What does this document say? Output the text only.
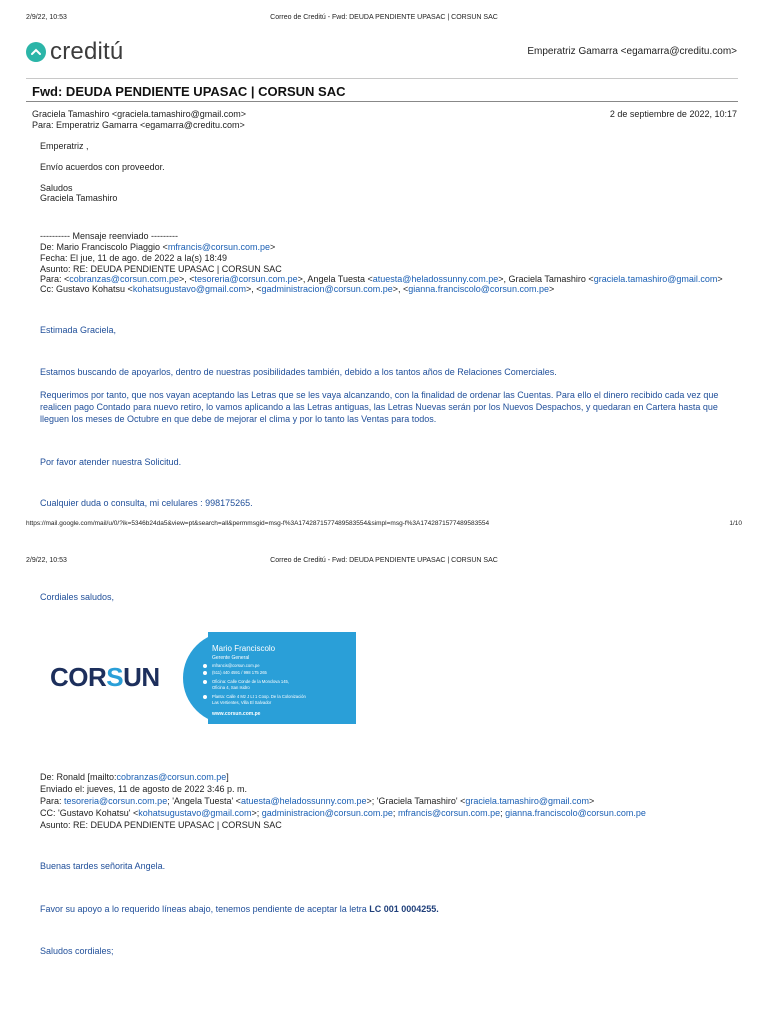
2/9/22, 10:53	Correo de Creditú - Fwd: DEUDA PENDIENTE UPASAC | CORSUN SAC
creditú	Emperatriz Gamarra <egamarra@creditu.com>
Fwd: DEUDA PENDIENTE UPASAC | CORSUN SAC
Graciela Tamashiro <graciela.tamashiro@gmail.com>
Para: Emperatriz Gamarra <egamarra@creditu.com>
2 de septiembre de 2022, 10:17
Emperatriz ,
Envío acuerdos con proveedor.
Saludos
Graciela Tamashiro
---------- Mensaje reenviado ---------
De: Mario Franciscolo Piaggio <mfrancis@corsun.com.pe>
Fecha: El jue, 11 de ago. de 2022 a la(s) 18:49
Asunto: RE: DEUDA PENDIENTE UPASAC | CORSUN SAC
Para: <cobranzas@corsun.com.pe>, <tesoreria@corsun.com.pe>, Angela Tuesta <atuesta@heladossunny.com.pe>, Graciela Tamashiro <graciela.tamashiro@gmail.com>
Cc: Gustavo Kohatsu <kohatsugustavo@gmail.com>, <gadministracion@corsun.com.pe>, <gianna.franciscolo@corsun.com.pe>
Estimada Graciela,
Estamos buscando de apoyarlos, dentro de nuestras posibilidades también, debido a los tantos años de Relaciones Comerciales.
Requerimos por tanto, que nos vayan aceptando las Letras que se les vaya alcanzando, con la finalidad de ordenar las Cuentas. Para ello el dinero recibido cada vez que realicen pago Contado para nuevo retiro, lo vamos aplicando a las Letras antiguas, las Letras Nuevas serán por los Nuevos Despachos, y quedaran en Cartera hasta que lleguen los meses de Octubre en que debe de mejorar el clima y por lo tanto las Ventas para todos.
Por favor atender nuestra Solicitud.
Cualquier duda o consulta, mi celulares : 998175265.
https://mail.google.com/mail/u/0/?ik=5346b24da5&view=pt&search=all&permmsgid=msg-f%3A1742871577489583554&simpl=msg-f%3A1742871577489583554	1/10
2/9/22, 10:53	Correo de Creditú - Fwd: DEUDA PENDIENTE UPASAC | CORSUN SAC
Cordiales saludos,
CORSUN
Mario Franciscolo
Gerente General
mfrancis@corsun.com.pe
(511) 440 4591 / 998 175 265
Oficina: Calle Conde de la Monclova 145,
Oficina 4, San Isidro
Planta: Calle 4 Mz J Lt 1 Coop. De la Colonización
Las Vertientes, Villa El Salvador
www.corsun.com.pe
De: Ronald [mailto:cobranzas@corsun.com.pe]
Enviado el: jueves, 11 de agosto de 2022 3:46 p. m.
Para: tesoreria@corsun.com.pe; 'Angela Tuesta' <atuesta@heladossunny.com.pe>; 'Graciela Tamashiro' <graciela.tamashiro@gmail.com>
CC: 'Gustavo Kohatsu' <kohatsugustavo@gmail.com>; gadministracion@corsun.com.pe; mfrancis@corsun.com.pe; gianna.franciscolo@corsun.com.pe
Asunto: RE: DEUDA PENDIENTE UPASAC | CORSUN SAC
Buenas tardes señorita Angela.
Favor su apoyo a lo requerido líneas abajo, tenemos pendiente de aceptar la letra LC 001 0004255.
Saludos cordiales;
